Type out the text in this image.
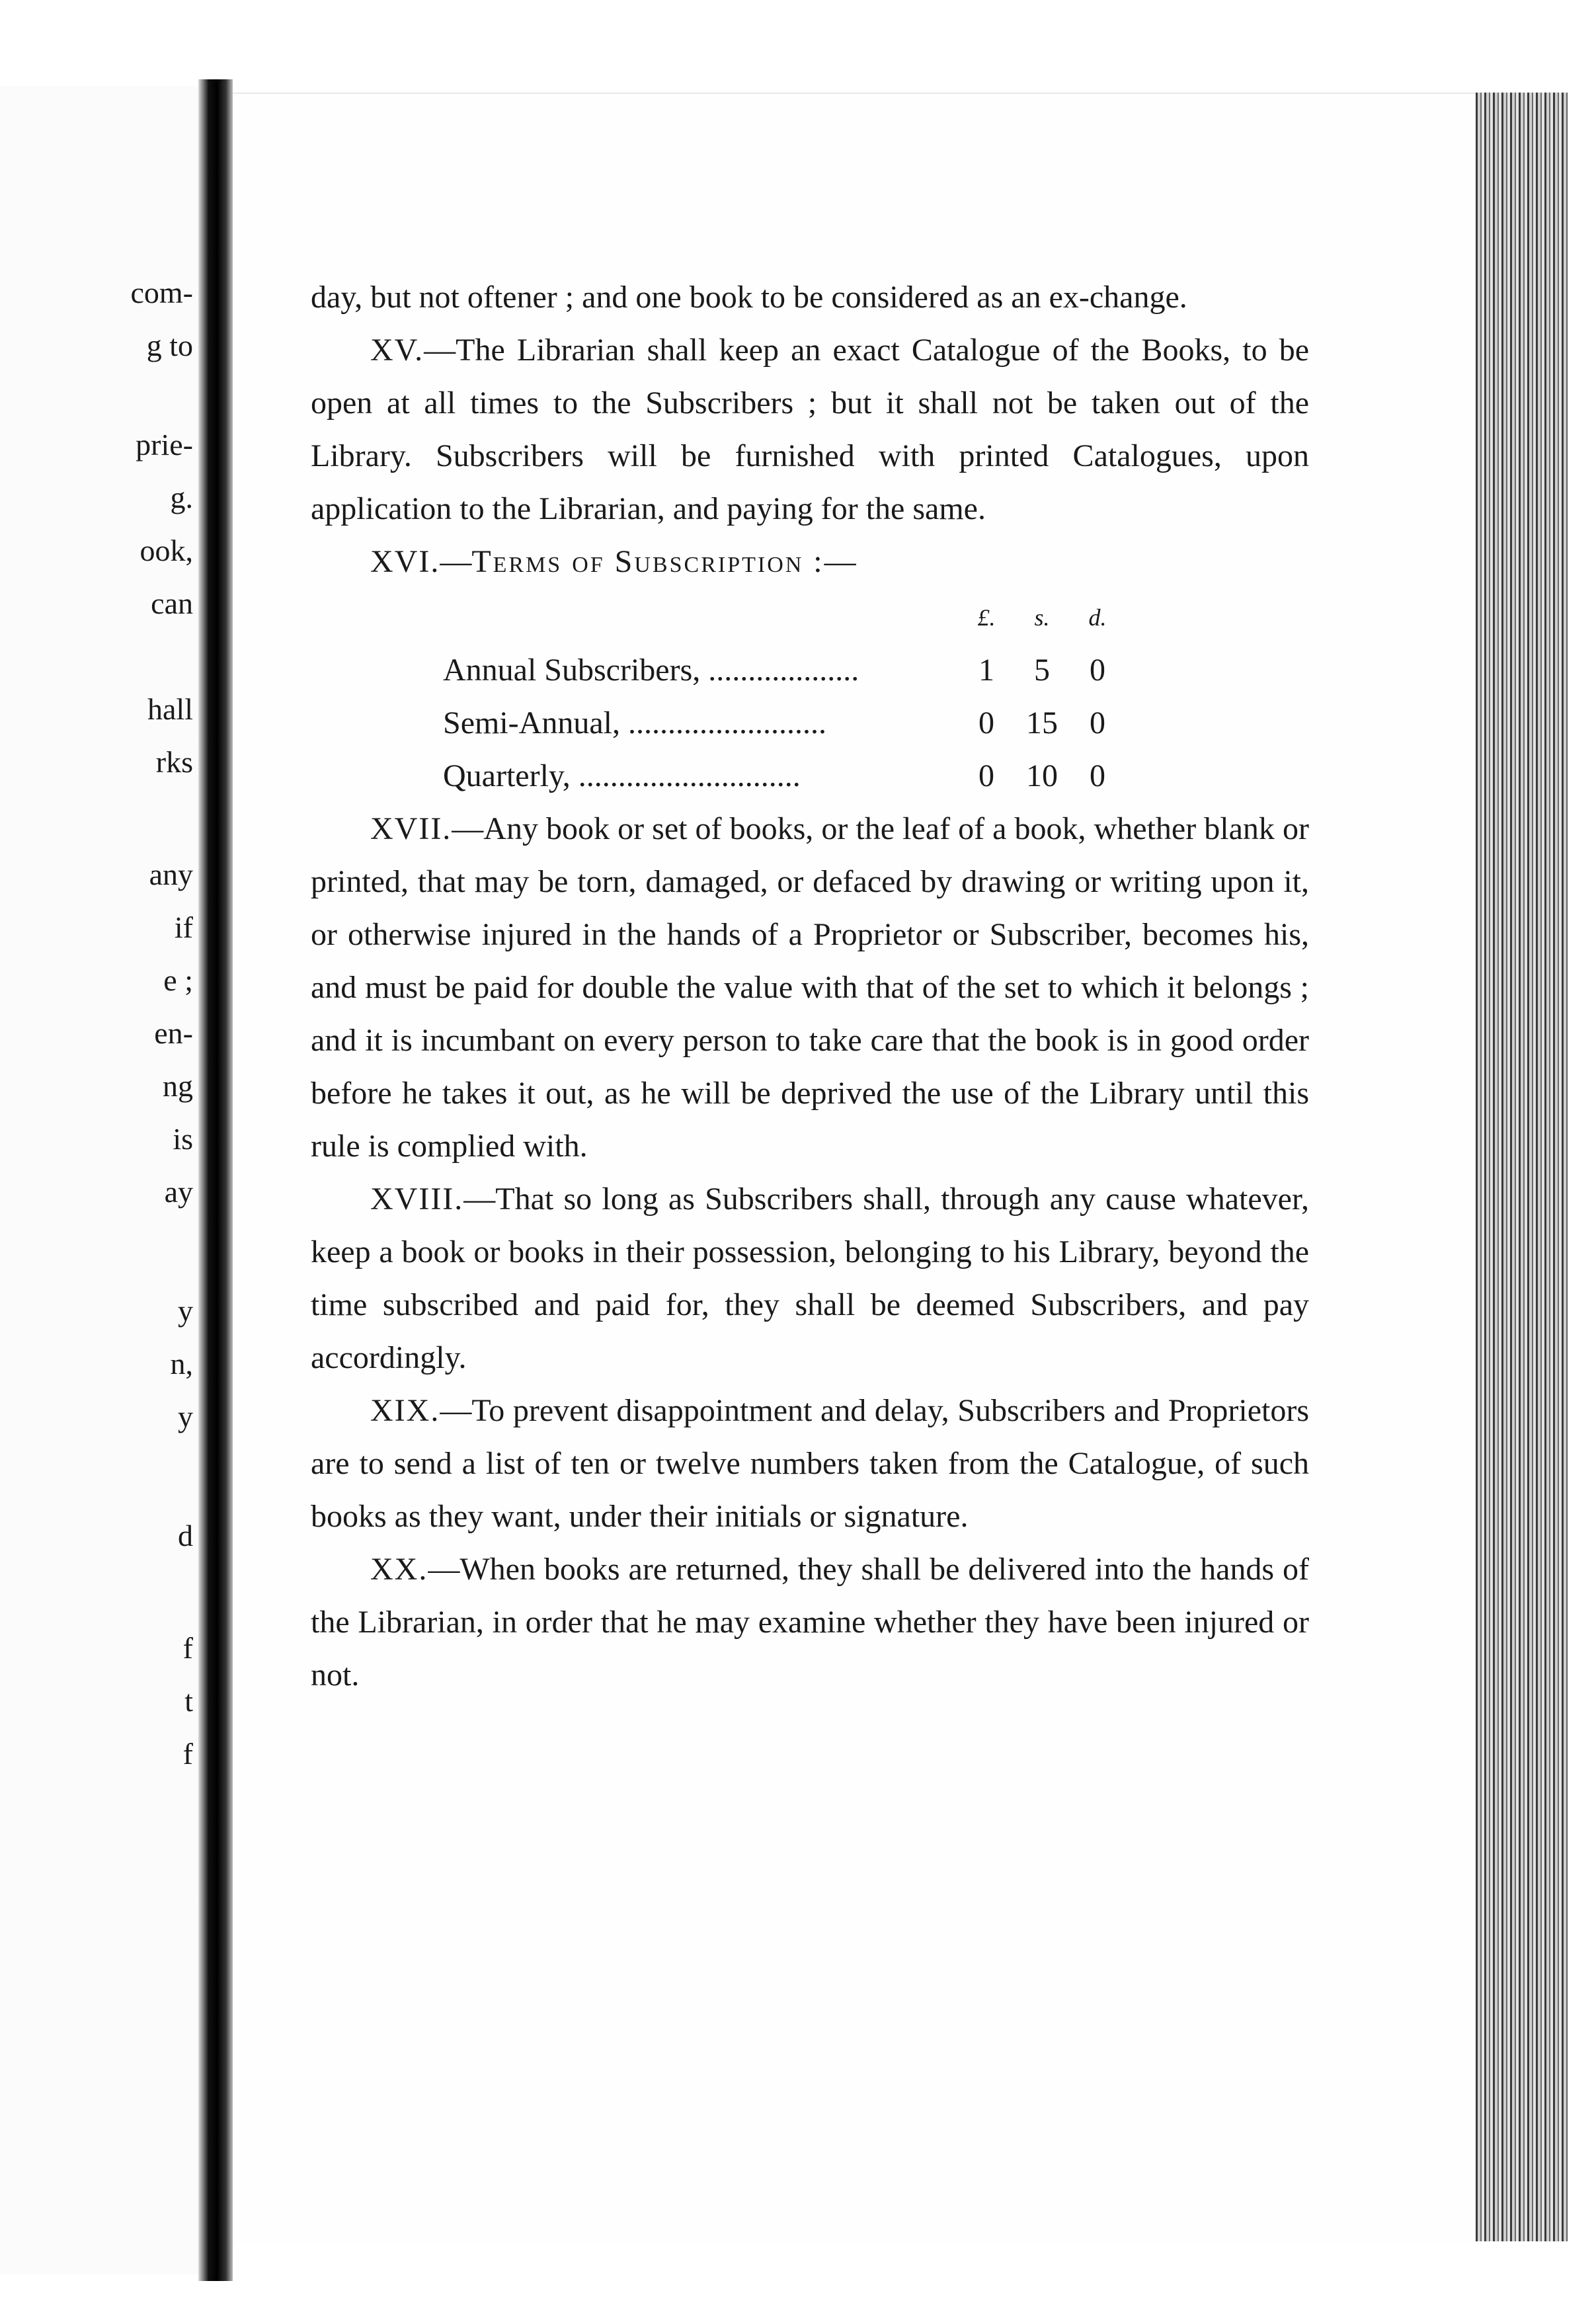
com-
g to
prie-
g.
ook,
can
hall
rks
any
if
e ;
en-
ng
is
ay
y
n,
y
d
f
t
f

day, but not oftener ; and one book to be considered as an ex-change.

XV.—The Librarian shall keep an exact Catalogue of the Books, to be open at all times to the Subscribers ; but it shall not be taken out of the Library. Subscribers will be furnished with printed Catalogues, upon application to the Librarian, and paying for the same.

XVI.—Terms of Subscription :—

	£.	s.	d.
Annual Subscribers, ...................	1	5	0
Semi-Annual, .........................	0	15	0
Quarterly, ............................	0	10	0

XVII.—Any book or set of books, or the leaf of a book, whether blank or printed, that may be torn, damaged, or defaced by drawing or writing upon it, or otherwise injured in the hands of a Proprietor or Subscriber, becomes his, and must be paid for double the value with that of the set to which it belongs ; and it is incumbant on every person to take care that the book is in good order before he takes it out, as he will be deprived the use of the Library until this rule is complied with.

XVIII.—That so long as Subscribers shall, through any cause whatever, keep a book or books in their possession, belonging to his Library, beyond the time subscribed and paid for, they shall be deemed Subscribers, and pay accordingly.

XIX.—To prevent disappointment and delay, Subscribers and Proprietors are to send a list of ten or twelve numbers taken from the Catalogue, of such books as they want, under their initials or signature.

XX.—When books are returned, they shall be delivered into the hands of the Librarian, in order that he may examine whether they have been injured or not.
